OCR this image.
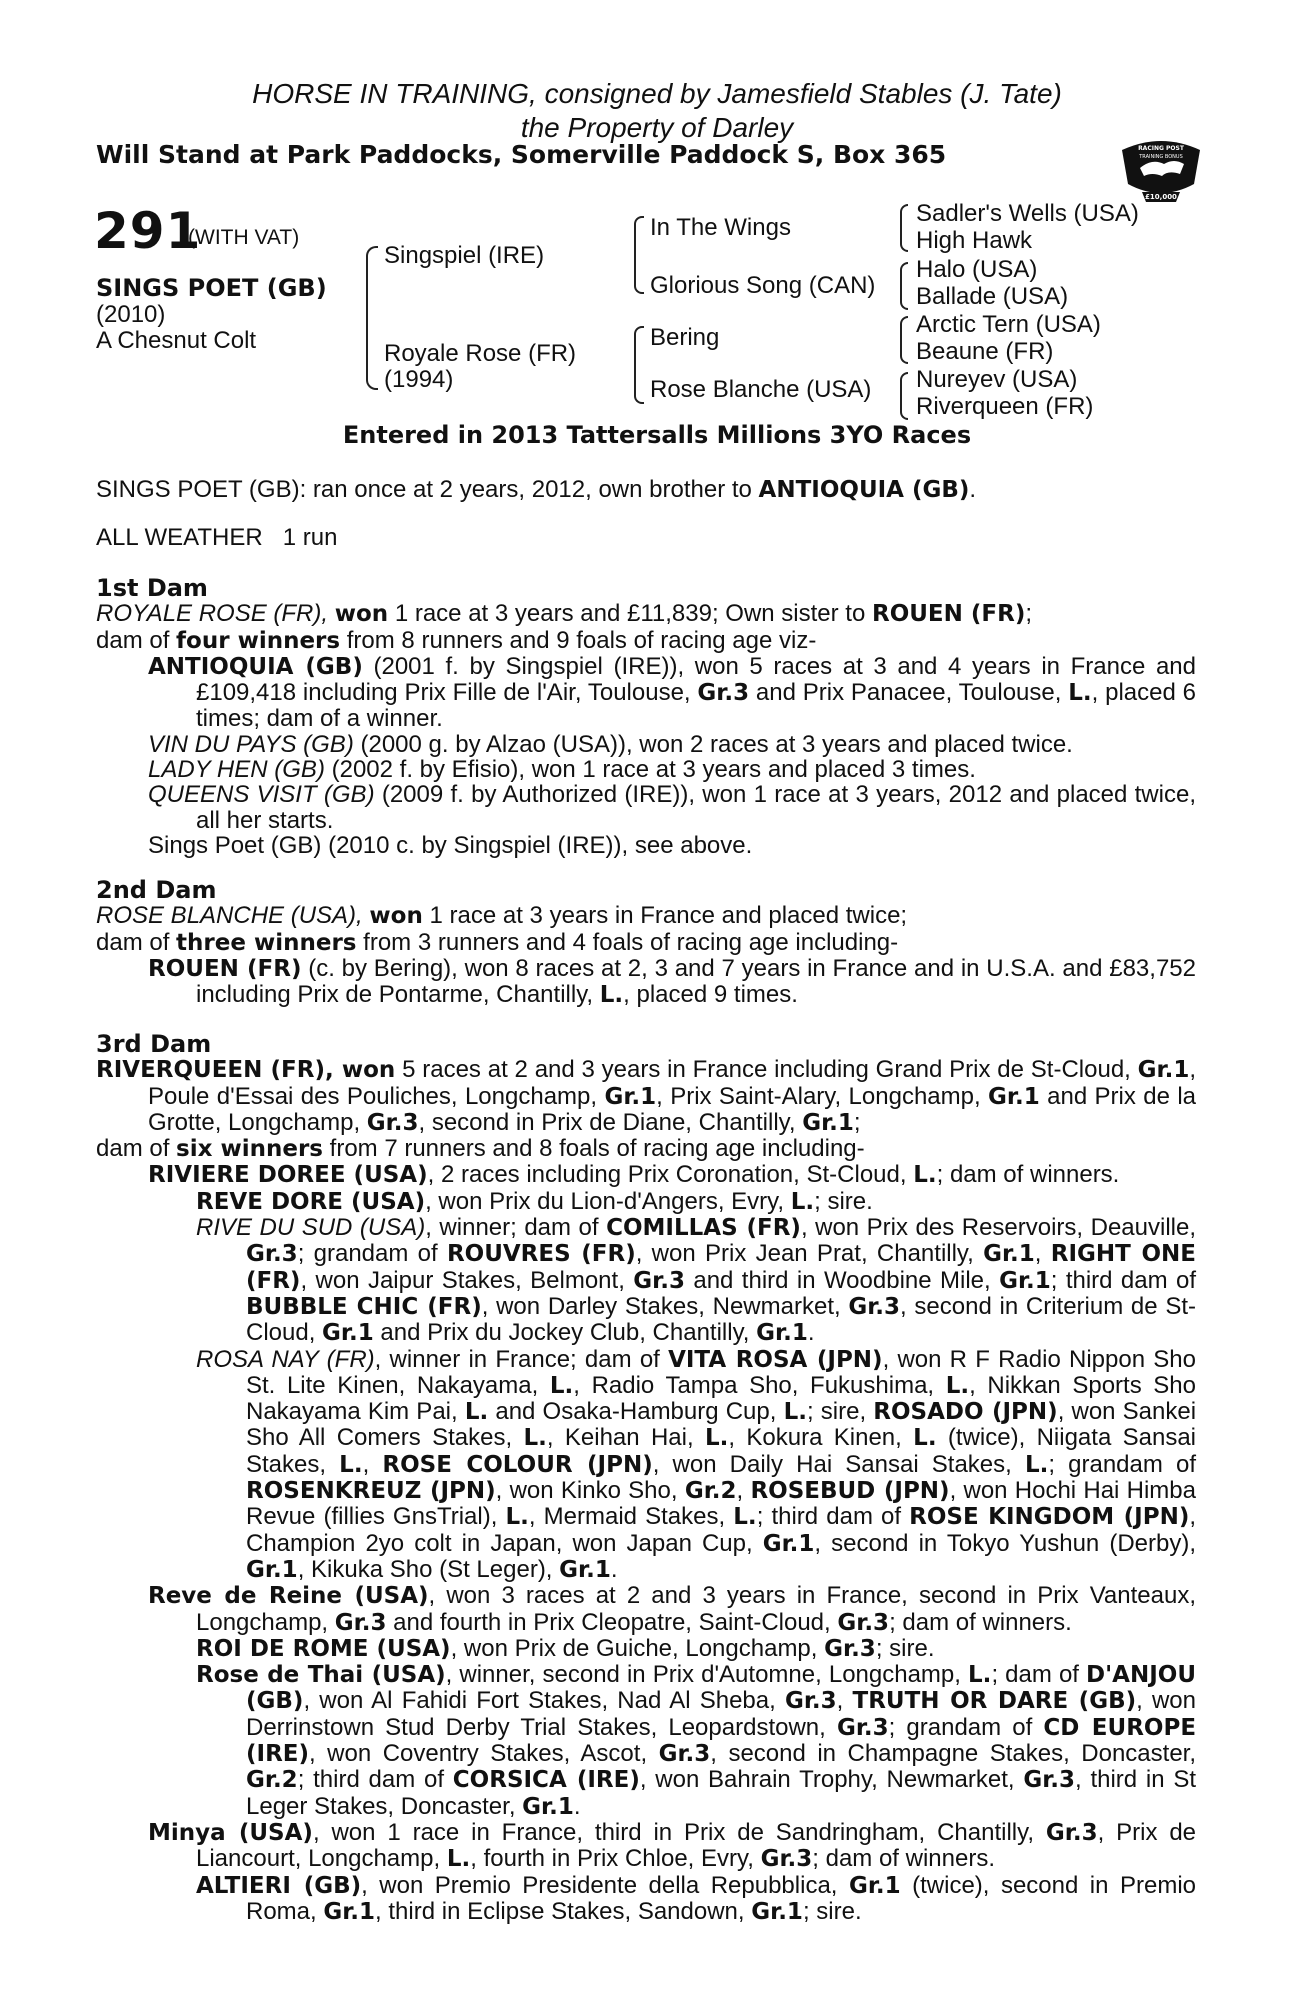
HORSE IN TRAINING, consigned by Jamesfield Stables (J. Tate)
the Property of Darley
Will Stand at Park Paddocks, Somerville Paddock S, Box 365	RACING POST
TRAINING BONUS
£10,000
291
(WITH VAT)
SINGS POET (GB)
(2010)
A Chesnut Colt
Singspiel (IRE)
Royale Rose (FR)
(1994)
In The Wings
Glorious Song (CAN)
Bering
Rose Blanche (USA)
Sadler's Wells (USA)
High Hawk
Halo (USA)
Ballade (USA)
Arctic Tern (USA)
Beaune (FR)
Nureyev (USA)
Riverqueen (FR)
Entered in 2013 Tattersalls Millions 3YO Races
SINGS POET (GB): ran once at 2 years, 2012, own brother to ANTIOQUIA (GB).
ALL WEATHER 1 run

1st Dam

ROYALE ROSE (FR), won 1 race at 3 years and £11,839; Own sister to ROUEN (FR);

dam of four winners from 8 runners and 9 foals of racing age viz-

ANTIOQUIA (GB) (2001 f. by Singspiel (IRE)), won 5 races at 3 and 4 years in France and £109,418 including Prix Fille de l'Air, Toulouse, Gr.3 and Prix Panacee, Toulouse, L., placed 6 times; dam of a winner.

VIN DU PAYS (GB) (2000 g. by Alzao (USA)), won 2 races at 3 years and placed twice.

LADY HEN (GB) (2002 f. by Efisio), won 1 race at 3 years and placed 3 times.

QUEENS VISIT (GB) (2009 f. by Authorized (IRE)), won 1 race at 3 years, 2012 and placed twice, all her starts.

Sings Poet (GB) (2010 c. by Singspiel (IRE)), see above.

2nd Dam

ROSE BLANCHE (USA), won 1 race at 3 years in France and placed twice;

dam of three winners from 3 runners and 4 foals of racing age including-

ROUEN (FR) (c. by Bering), won 8 races at 2, 3 and 7 years in France and in U.S.A. and £83,752 including Prix de Pontarme, Chantilly, L., placed 9 times.

3rd Dam

RIVERQUEEN (FR), won 5 races at 2 and 3 years in France including Grand Prix de St-Cloud, Gr.1, Poule d'Essai des Pouliches, Longchamp, Gr.1, Prix Saint-Alary, Longchamp, Gr.1 and Prix de la Grotte, Longchamp, Gr.3, second in Prix de Diane, Chantilly, Gr.1;

dam of six winners from 7 runners and 8 foals of racing age including-

RIVIERE DOREE (USA), 2 races including Prix Coronation, St-Cloud, L.; dam of winners.

REVE DORE (USA), won Prix du Lion-d'Angers, Evry, L.; sire.

RIVE DU SUD (USA), winner; dam of COMILLAS (FR), won Prix des Reservoirs, Deauville, Gr.3; grandam of ROUVRES (FR), won Prix Jean Prat, Chantilly, Gr.1, RIGHT ONE (FR), won Jaipur Stakes, Belmont, Gr.3 and third in Woodbine Mile, Gr.1; third dam of BUBBLE CHIC (FR), won Darley Stakes, Newmarket, Gr.3, second in Criterium de St-Cloud, Gr.1 and Prix du Jockey Club, Chantilly, Gr.1.

ROSA NAY (FR), winner in France; dam of VITA ROSA (JPN), won R F Radio Nippon Sho St. Lite Kinen, Nakayama, L., Radio Tampa Sho, Fukushima, L., Nikkan Sports Sho Nakayama Kim Pai, L. and Osaka-Hamburg Cup, L.; sire, ROSADO (JPN), won Sankei Sho All Comers Stakes, L., Keihan Hai, L., Kokura Kinen, L. (twice), Niigata Sansai Stakes, L., ROSE COLOUR (JPN), won Daily Hai Sansai Stakes, L.; grandam of ROSENKREUZ (JPN), won Kinko Sho, Gr.2, ROSEBUD (JPN), won Hochi Hai Himba Revue (fillies GnsTrial), L., Mermaid Stakes, L.; third dam of ROSE KINGDOM (JPN), Champion 2yo colt in Japan, won Japan Cup, Gr.1, second in Tokyo Yushun (Derby), Gr.1, Kikuka Sho (St Leger), Gr.1.

Reve de Reine (USA), won 3 races at 2 and 3 years in France, second in Prix Vanteaux, Longchamp, Gr.3 and fourth in Prix Cleopatre, Saint-Cloud, Gr.3; dam of winners.

ROI DE ROME (USA), won Prix de Guiche, Longchamp, Gr.3; sire.

Rose de Thai (USA), winner, second in Prix d'Automne, Longchamp, L.; dam of D'ANJOU (GB), won Al Fahidi Fort Stakes, Nad Al Sheba, Gr.3, TRUTH OR DARE (GB), won Derrinstown Stud Derby Trial Stakes, Leopardstown, Gr.3; grandam of CD EUROPE (IRE), won Coventry Stakes, Ascot, Gr.3, second in Champagne Stakes, Doncaster, Gr.2; third dam of CORSICA (IRE), won Bahrain Trophy, Newmarket, Gr.3, third in St Leger Stakes, Doncaster, Gr.1.

Minya (USA), won 1 race in France, third in Prix de Sandringham, Chantilly, Gr.3, Prix de Liancourt, Longchamp, L., fourth in Prix Chloe, Evry, Gr.3; dam of winners.

ALTIERI (GB), won Premio Presidente della Repubblica, Gr.1 (twice), second in Premio Roma, Gr.1, third in Eclipse Stakes, Sandown, Gr.1; sire.
